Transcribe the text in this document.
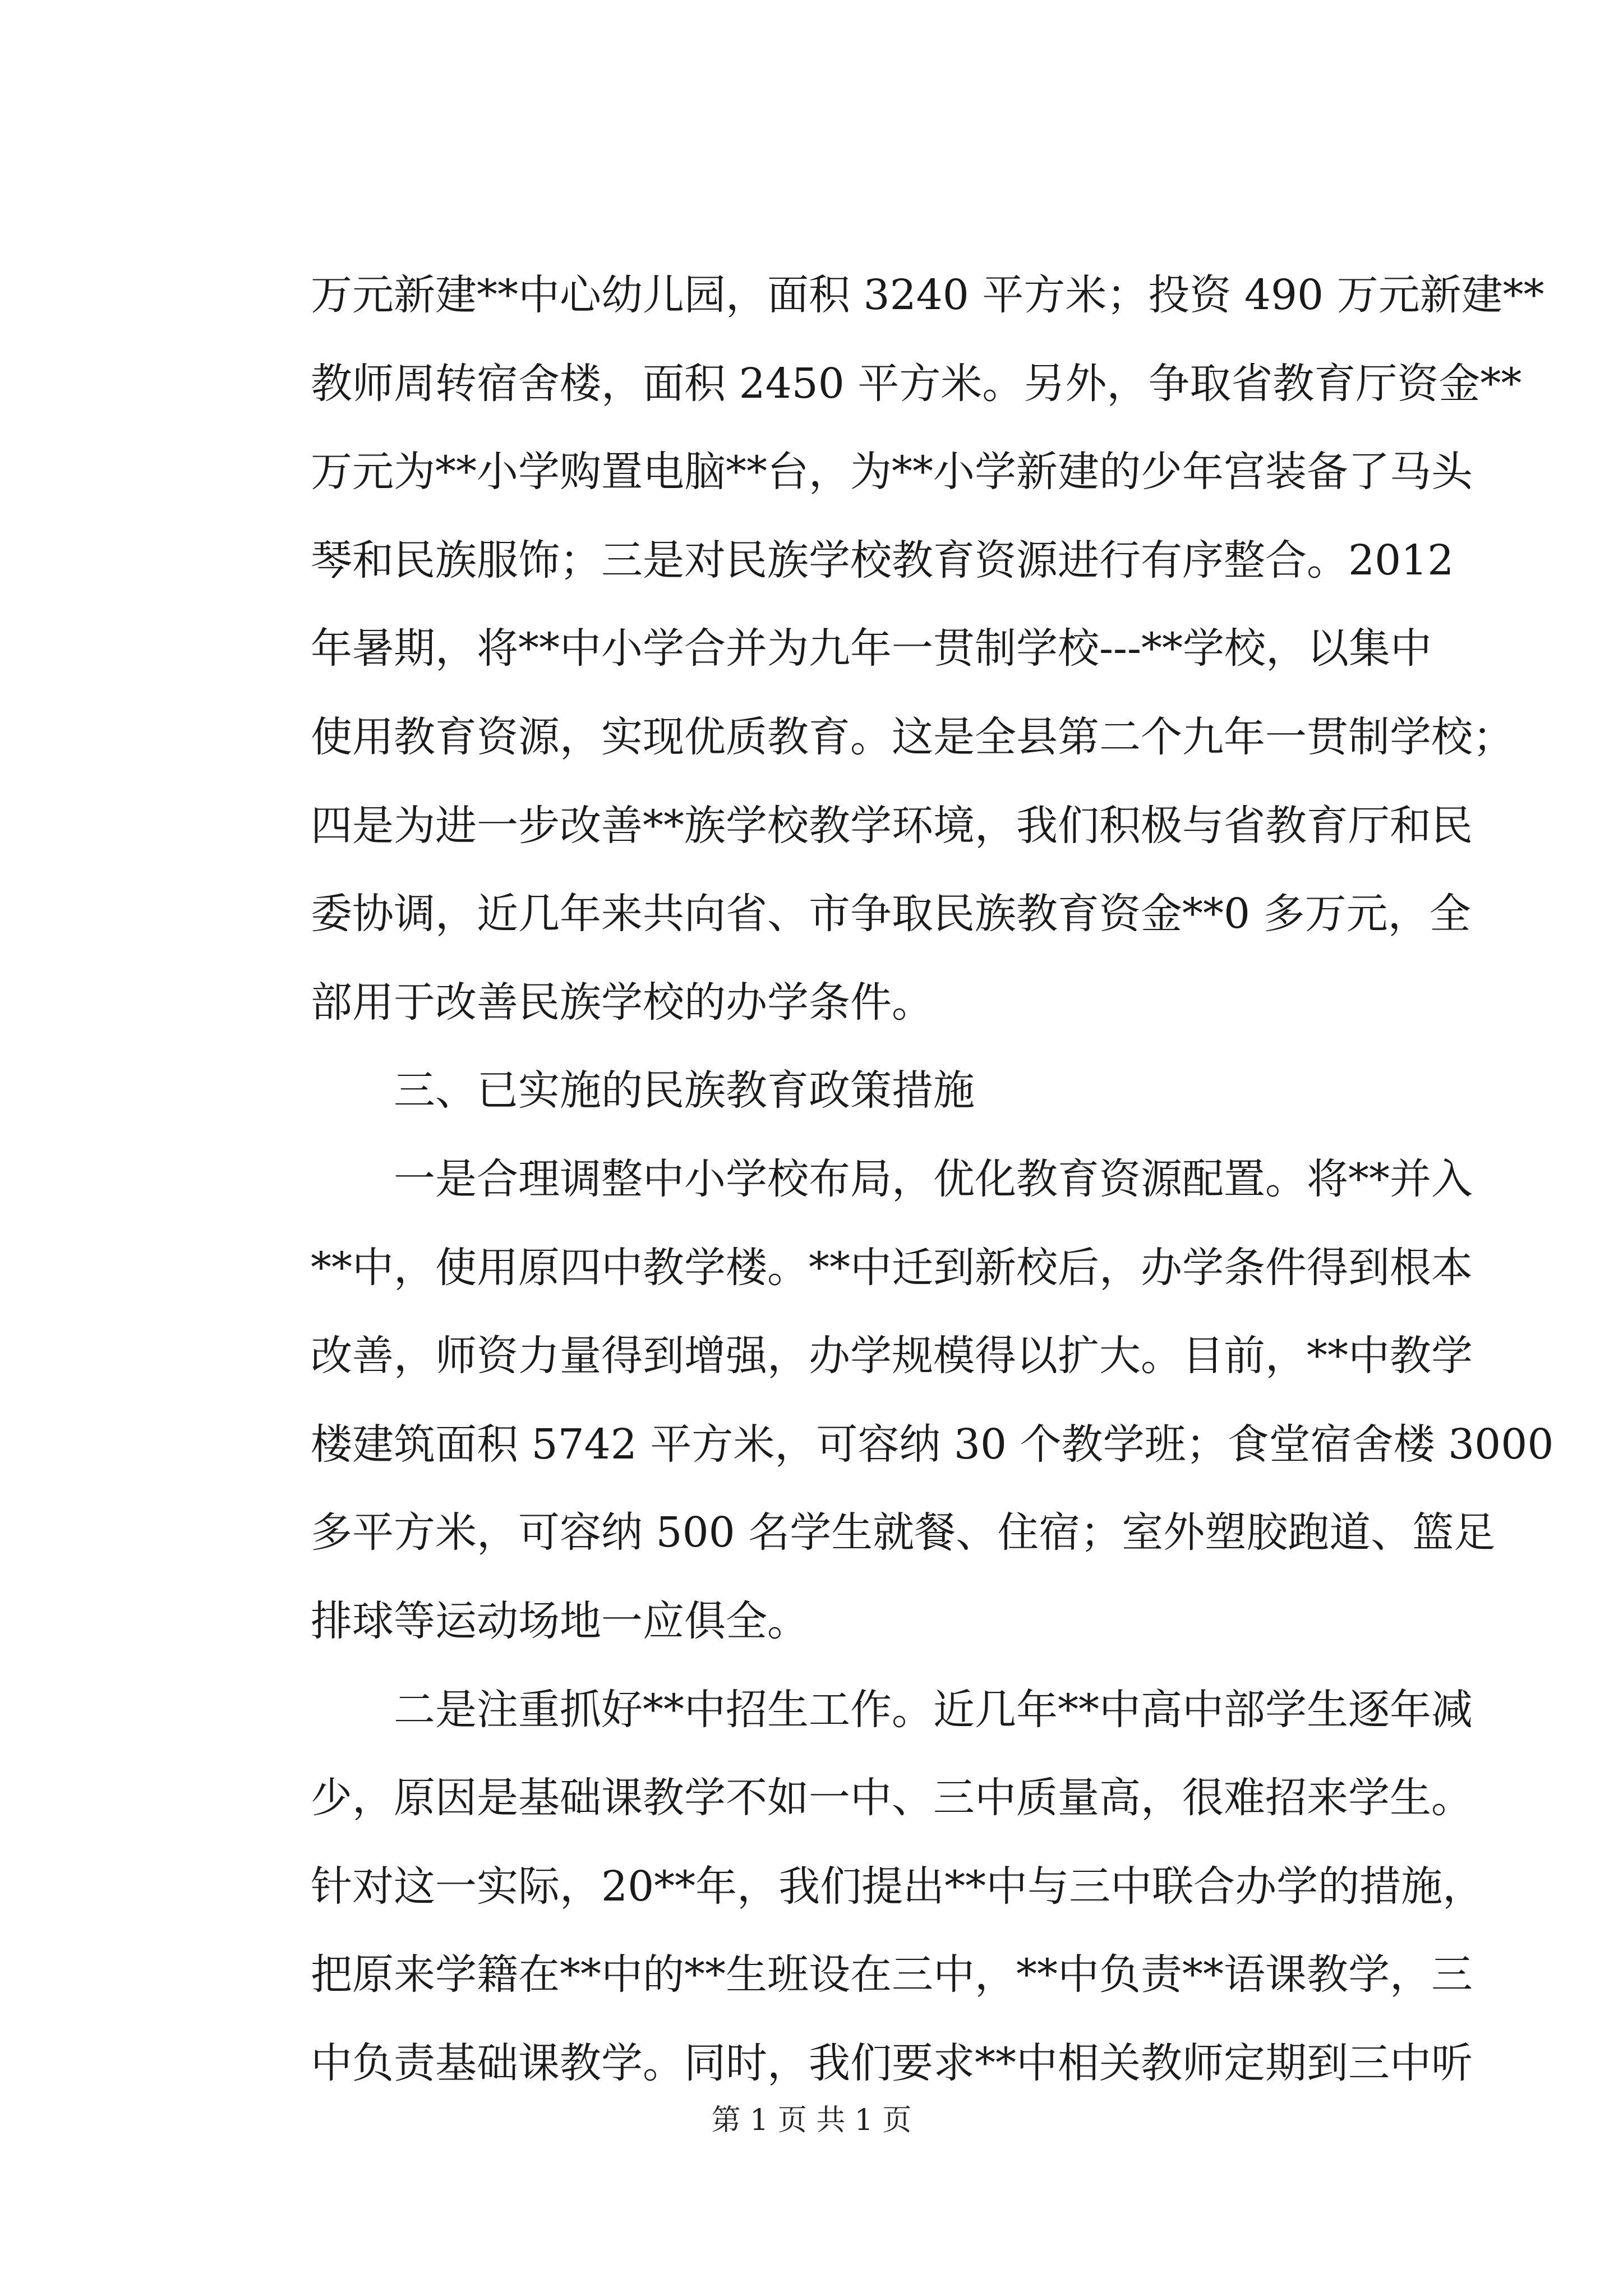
万元新建**中心幼儿园，面积 3240 平方米；投资 490 万元新建**
教师周转宿舍楼，面积 2450 平方米。另外，争取省教育厅资金**
万元为**小学购置电脑**台，为**小学新建的少年宫装备了马头
琴和民族服饰；三是对民族学校教育资源进行有序整合。2012
年暑期，将**中小学合并为九年一贯制学校---**学校，以集中
使用教育资源，实现优质教育。这是全县第二个九年一贯制学校；
四是为进一步改善**族学校教学环境，我们积极与省教育厅和民
委协调，近几年来共向省、市争取民族教育资金**0 多万元，全
部用于改善民族学校的办学条件。
三、已实施的民族教育政策措施
一是合理调整中小学校布局，优化教育资源配置。将**并入
**中，使用原四中教学楼。**中迁到新校后，办学条件得到根本
改善，师资力量得到增强，办学规模得以扩大。目前，**中教学
楼建筑面积 5742 平方米，可容纳 30 个教学班；食堂宿舍楼 3000
多平方米，可容纳 500 名学生就餐、住宿；室外塑胶跑道、篮足
排球等运动场地一应俱全。
二是注重抓好**中招生工作。近几年**中高中部学生逐年减
少，原因是基础课教学不如一中、三中质量高，很难招来学生。
针对这一实际，20**年，我们提出**中与三中联合办学的措施，
把原来学籍在**中的**生班设在三中，**中负责**语课教学，三
中负责基础课教学。同时，我们要求**中相关教师定期到三中听
第 1 页 共 1 页
